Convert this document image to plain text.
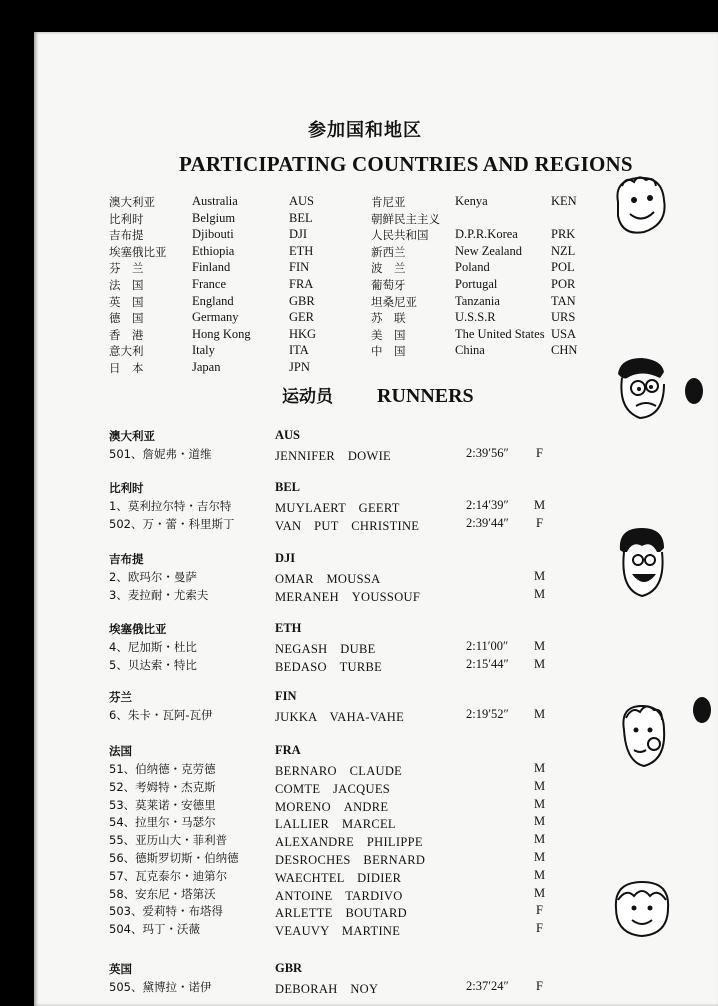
参加国和地区
PARTICIPATING COUNTRIES AND REGIONS
澳大利亚	Australia	AUS
比利时	Belgium	BEL
吉布提	Djibouti	DJI
埃塞俄比亚 Ethiopia	ETH
芬　兰	Finland	FIN
法　国	France	FRA
英　国	England	GBR
德　国	Germany	GER
香　港	Hong Kong	HKG
意大利	Italy	ITA
日　本	Japan	JPN
肯尼亚	Kenya	KEN
朝鲜民主主义
人民共和国 D.P.R.Korea	PRK
新西兰	New Zealand NZL
波　兰	Poland	POL
葡萄牙	Portugal	POR
坦桑尼亚	Tanzania	TAN
苏　联	U.S.S.R	URS
美　国	The United States USA
中　国	China	CHN
运动员 RUNNERS
澳大利亚	AUS
501、詹妮弗・道维	JENNIFER　DOWIE	2:39′56″ F
比利时	BEL
1、莫利拉尔特・吉尔特	MUYLAERT　GEERT	2:14′39″ M
502、万・蕾・科里斯丁	VAN　PUT　CHRISTINE	2:39′44″ F
吉布提	DJI
2、欧玛尔・曼萨	OMAR　MOUSSA	M
3、麦拉耐・尤索夫	MERANEH　YOUSSOUF	M
埃塞俄比亚	ETH
4、尼加斯・杜比	NEGASH　DUBE	2:11′00″ M
5、贝达索・特比	BEDASO　TURBE	2:15′44″ M
芬兰	FIN
6、朱卡・瓦阿-瓦伊	JUKKA　VAHA-VAHE	2:19′52″ M
法国	FRA
51、伯纳德・克劳德	BERNARO　CLAUDE	M
52、考姆特・杰克斯	COMTE　JACQUES	M
53、莫莱诺・安德里	MORENO　ANDRE	M
54、拉里尔・马瑟尔	LALLIER　MARCEL	M
55、亚历山大・菲利普	ALEXANDRE　PHILIPPE	M
56、德斯罗切斯・伯纳德	DESROCHES　BERNARD	M
57、瓦克泰尔・迪第尔	WAECHTEL　DIDIER	M
58、安东尼・塔第沃	ANTOINE　TARDIVO	M
503、爱莉特・布塔得	ARLETTE　BOUTARD	F
504、玛丁・沃薇	VEAUVY　MARTINE	F
英国	GBR
505、黛博拉・诺伊	DEBORAH　NOY	2:37′24″ F
